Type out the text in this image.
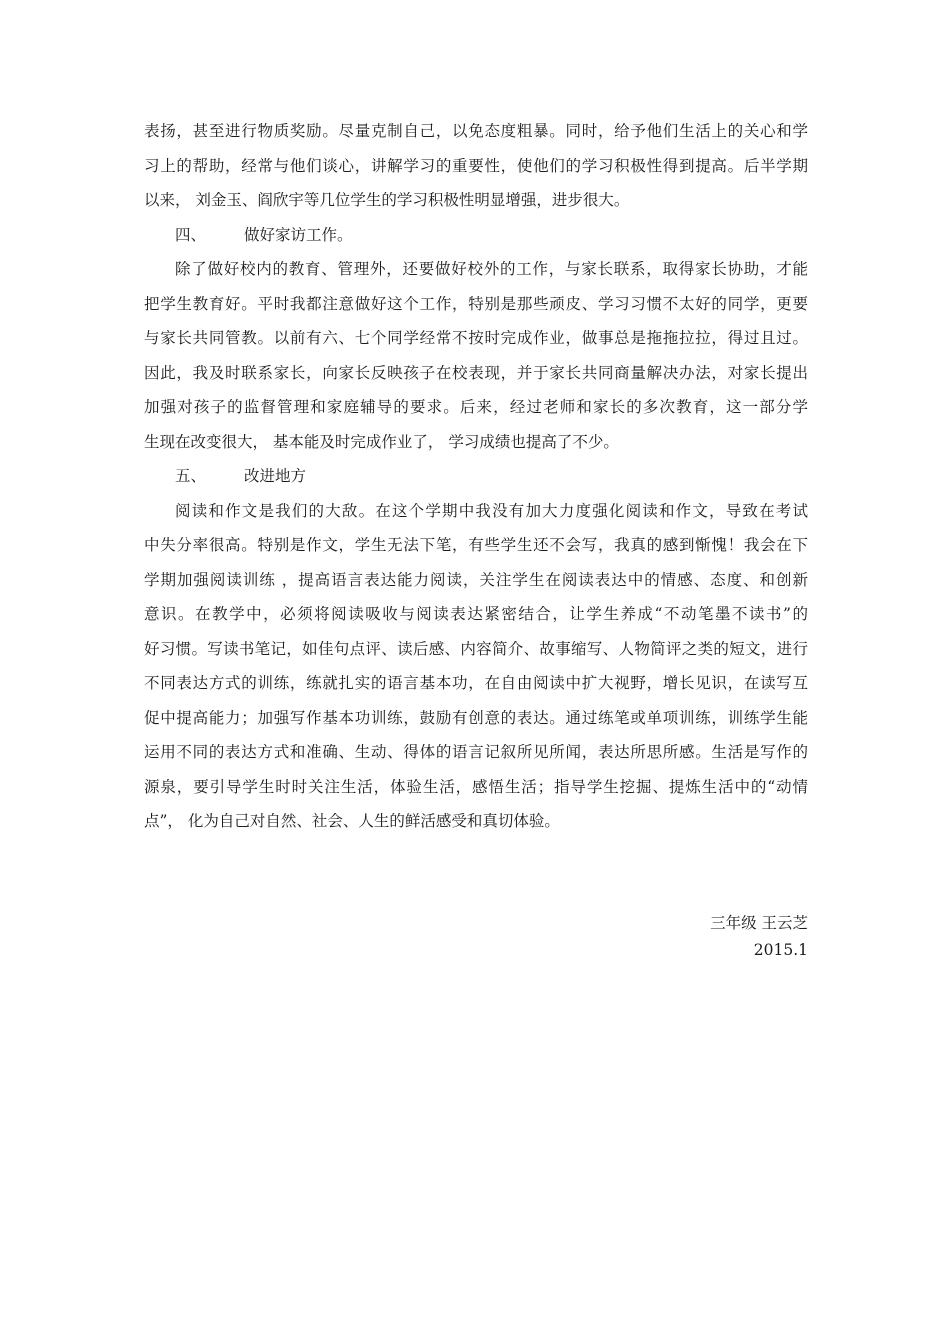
表扬，甚至进行物质奖励。尽量克制自己，以免态度粗暴。同时，给予他们生活上的关心和学
习上的帮助，经常与他们谈心，讲解学习的重要性，使他们的学习积极性得到提高。后半学期
以来， 刘金玉、阎欣宇等几位学生的学习积极性明显增强，进步很大。
四、 做好家访工作。
除了做好校内的教育、管理外，还要做好校外的工作，与家长联系，取得家长协助，才能
把学生教育好。平时我都注意做好这个工作，特别是那些顽皮、学习习惯不太好的同学，更要
与家长共同管教。以前有六、七个同学经常不按时完成作业，做事总是拖拖拉拉，得过且过。
因此，我及时联系家长，向家长反映孩子在校表现，并于家长共同商量解决办法，对家长提出
加强对孩子的监督管理和家庭辅导的要求。后来，经过老师和家长的多次教育，这一部分学
生现在改变很大， 基本能及时完成作业了， 学习成绩也提高了不少。
五、 改进地方
阅读和作文是我们的大敌。在这个学期中我没有加大力度强化阅读和作文，导致在考试
中失分率很高。特别是作文，学生无法下笔，有些学生还不会写，我真的感到惭愧！我会在下
学期加强阅读训练 ，提高语言表达能力阅读，关注学生在阅读表达中的情感、态度、和创新
意识。在教学中，必须将阅读吸收与阅读表达紧密结合，让学生养成“不动笔墨不读书”的
好习惯。写读书笔记，如佳句点评、读后感、内容简介、故事缩写、人物简评之类的短文，进行
不同表达方式的训练，练就扎实的语言基本功，在自由阅读中扩大视野，增长见识，在读写互
促中提高能力；加强写作基本功训练，鼓励有创意的表达。通过练笔或单项训练，训练学生能
运用不同的表达方式和准确、生动、得体的语言记叙所见所闻，表达所思所感。生活是写作的
源泉，要引导学生时时关注生活，体验生活，感悟生活；指导学生挖掘、提炼生活中的“动情
点”， 化为自己对自然、社会、人生的鲜活感受和真切体验。
三年级 王云芝
2015.1
